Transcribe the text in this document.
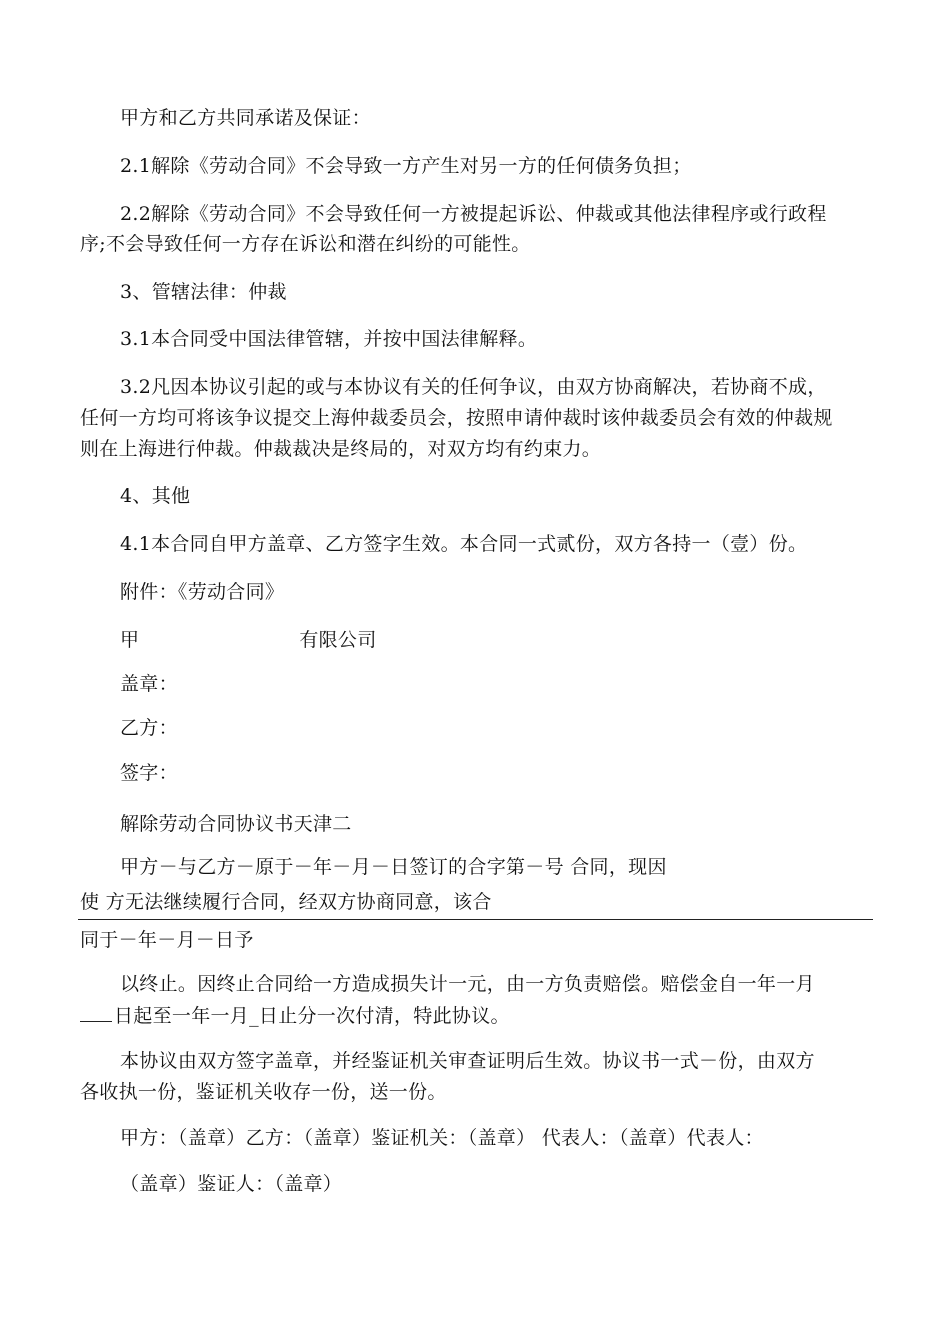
甲方和乙方共同承诺及保证：
2.1解除《劳动合同》不会导致一方产生对另一方的任何债务负担；
2.2解除《劳动合同》不会导致任何一方被提起诉讼、仲裁或其他法律程序或行政程
序;不会导致任何一方存在诉讼和潜在纠纷的可能性。
3、管辖法律：仲裁
3.1本合同受中国法律管辖，并按中国法律解释。
3.2凡因本协议引起的或与本协议有关的任何争议，由双方协商解决，若协商不成，
任何一方均可将该争议提交上海仲裁委员会，按照申请仲裁时该仲裁委员会有效的仲裁规
则在上海进行仲裁。仲裁裁决是终局的，对双方均有约束力。
4、其他
4.1本合同自甲方盖章、乙方签字生效。本合同一式贰份，双方各持一（壹）份。
附件：《劳动合同》
甲	有限公司
盖章：
乙方：
签字：
解除劳动合同协议书天津二
甲方－与乙方－原于－年－月－日签订的合字第－号 合同，现因
使 方无法继续履行合同，经双方协商同意，该合
同于－年－月－日予
以终止。因终止合同给一方造成损失计一元，由一方负责赔偿。赔偿金自一年一月
日起至一年一月_日止分一次付清，特此协议。
本协议由双方签字盖章，并经鉴证机关审查证明后生效。协议书一式－份，由双方
各收执一份，鉴证机关收存一份，送一份。
甲方：（盖章）乙方：（盖章）鉴证机关：（盖章） 代表人：（盖章）代表人：
（盖章）鉴证人：（盖章）
